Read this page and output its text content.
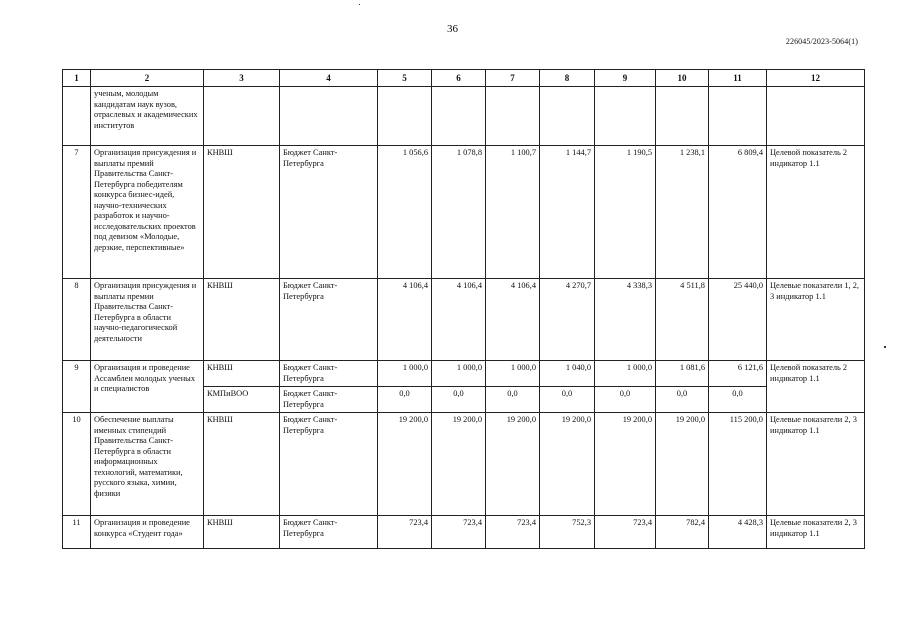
36
226045/2023-5064(1)
1	2	3	4	5	6	7	8	9	10	11	12
	ученым, молодым кандидатам наук вузов, отраслевых и академических институтов										
7	Организация присуждения и выплаты премий Правительства Санкт-Петербурга победителям конкурса бизнес-идей, научно-технических разработок и научно-исследовательских проектов под девизом «Молодые, дерзкие, перспективные»	КНВШ	Бюджет Санкт-Петербурга	1 056,6	1 078,8	1 100,7	1 144,7	1 190,5	1 238,1	6 809,4	Целевой показатель 2 индикатор 1.1
8	Организация присуждения и выплаты премии Правительства Санкт-Петербурга в области научно-педагогической деятельности	КНВШ	Бюджет Санкт-Петербурга	4 106,4	4 106,4	4 106,4	4 270,7	4 338,3	4 511,8	25 440,0	Целевые показатели 1, 2, 3 индикатор 1.1
9	Организация и проведение Ассамблеи молодых ученых и специалистов	КНВШ	Бюджет Санкт-Петербурга	1 000,0	1 000,0	1 000,0	1 040,0	1 000,0	1 081,6	6 121,6	Целевой показатель 2 индикатор 1.1
		КМПиВОО	Бюджет Санкт-Петербурга	0,0	0,0	0,0	0,0	0,0	0,0	0,0	
10	Обеспечение выплаты именных стипендий Правительства Санкт-Петербурга в области информационных технологий, математики, русского языка, химии, физики	КНВШ	Бюджет Санкт-Петербурга	19 200,0	19 200,0	19 200,0	19 200,0	19 200,0	19 200,0	115 200,0	Целевые показатели 2, 3 индикатор 1.1
11	Организация и проведение конкурса «Студент года»	КНВШ	Бюджет Санкт-Петербурга	723,4	723,4	723,4	752,3	723,4	782,4	4 428,3	Целевые показатели 2, 3 индикатор 1.1
